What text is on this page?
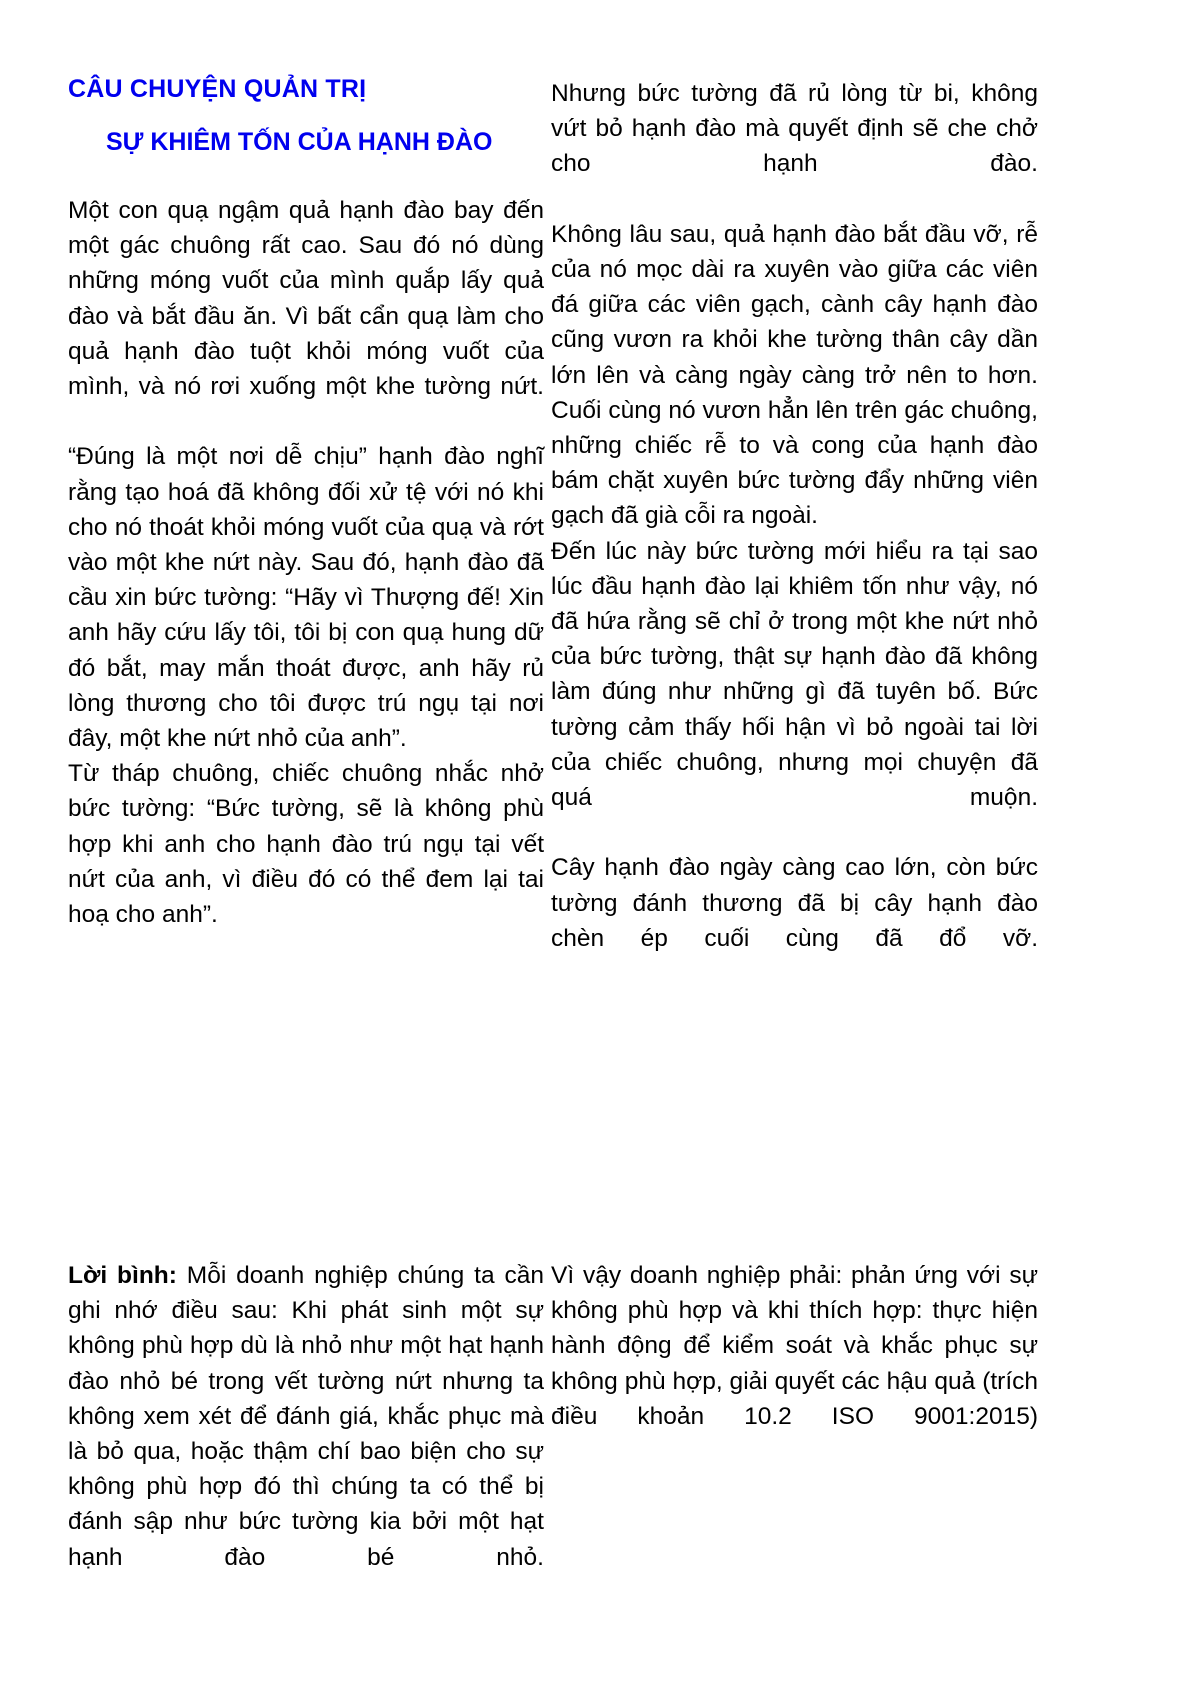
CÂU CHUYỆN QUẢN TRỊ
SỰ KHIÊM TỐN CỦA HẠNH ĐÀO

Một con quạ ngậm quả hạnh đào bay đến một gác chuông rất cao. Sau đó nó dùng những móng vuốt của mình quắp lấy quả đào và bắt đầu ăn. Vì bất cẩn quạ làm cho quả hạnh đào tuột khỏi móng vuốt của mình, và nó rơi xuống một khe tường nứt.

“Đúng là một nơi dễ chịu” hạnh đào nghĩ rằng tạo hoá đã không đối xử tệ với nó khi cho nó thoát khỏi móng vuốt của quạ và rớt vào một khe nứt này. Sau đó, hạnh đào đã cầu xin bức tường: “Hãy vì Thượng đế! Xin anh hãy cứu lấy tôi, tôi bị con quạ hung dữ đó bắt, may mắn thoát được, anh hãy rủ lòng thương cho tôi được trú ngụ tại nơi đây, một khe nứt nhỏ của anh”.

Từ tháp chuông, chiếc chuông nhắc nhở bức tường: “Bức tường, sẽ là không phù hợp khi anh cho hạnh đào trú ngụ tại vết nứt của anh, vì điều đó có thể đem lại tai hoạ cho anh”.

Nhưng bức tường đã rủ lòng từ bi, không vứt bỏ hạnh đào mà quyết định sẽ che chở cho hạnh đào.

Không lâu sau, quả hạnh đào bắt đầu vỡ, rễ của nó mọc dài ra xuyên vào giữa các viên đá giữa các viên gạch, cành cây hạnh đào cũng vươn ra khỏi khe tường thân cây dần lớn lên và càng ngày càng trở nên to hơn. Cuối cùng nó vươn hẳn lên trên gác chuông, những chiếc rễ to và cong của hạnh đào bám chặt xuyên bức tường đẩy những viên gạch đã già cỗi ra ngoài.

Đến lúc này bức tường mới hiểu ra tại sao lúc đầu hạnh đào lại khiêm tốn như vậy, nó đã hứa rằng sẽ chỉ ở trong một khe nứt nhỏ của bức tường, thật sự hạnh đào đã không làm đúng như những gì đã tuyên bố. Bức tường cảm thấy hối hận vì bỏ ngoài tai lời của chiếc chuông, nhưng mọi chuyện đã quá muộn.

Cây hạnh đào ngày càng cao lớn, còn bức tường đánh thương đã bị cây hạnh đào chèn ép cuối cùng đã đổ vỡ.

Lời bình: Mỗi doanh nghiệp chúng ta cần ghi nhớ điều sau: Khi phát sinh một sự không phù hợp dù là nhỏ như một hạt hạnh đào nhỏ bé trong vết tường nứt nhưng ta không xem xét để đánh giá, khắc phục mà là bỏ qua, hoặc thậm chí bao biện cho sự không phù hợp đó thì chúng ta có thể bị đánh sập như bức tường kia bởi một hạt hạnh đào bé nhỏ.

Vì vậy doanh nghiệp phải: phản ứng với sự không phù hợp và khi thích hợp: thực hiện hành động để kiểm soát và khắc phục sự không phù hợp, giải quyết các hậu quả (trích điều khoản 10.2 ISO 9001:2015)
